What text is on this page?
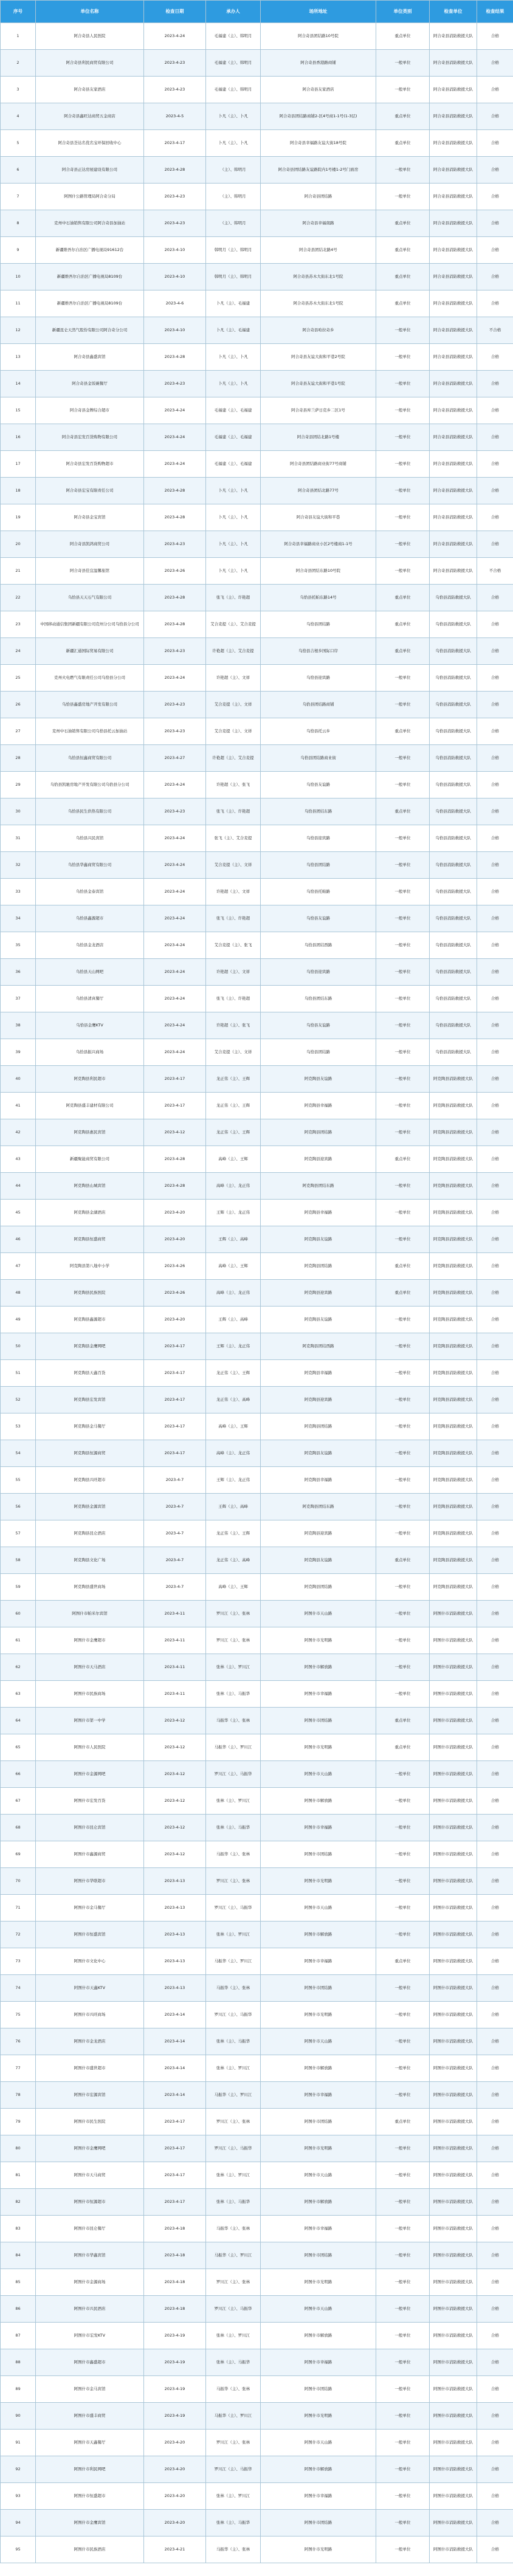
序号	单位名称	检查日期	承办人	场所地址	单位类别	检查单位	检查结果
1	阿合奇县人民医院	2023-4-24	毛福建（主）、韩明月	阿合奇县团结路10号院	重点单位	阿合奇县消防救援大队	合格
2	阿合奇县利民商贸有限公司	2023-4-23	毛福建（主）、韩明月	阿合奇县香港路商铺	一般单位	阿合奇县消防救援大队	合格
3	阿合奇县友家酒店	2023-4-23	毛福建（主）、韩明月	阿合奇县友家酒店	一般单位	阿合奇县消防救援大队	合格
4	阿合奇县鑫旺达商贸五金商店	2023-4-5	卜凡（主）、卜凡	阿合奇县团结路商铺2-区4号商1-1号(1-3层)	重点单位	阿合奇县消防救援大队	合格
5	阿合奇县荟达名优名宝环保回收中心	2023-4-17	卜凡（主）、卜凡	阿合奇县幸福路友谊大街18号院	重点单位	阿合奇县消防救援大队	合格
6	阿合奇县正达房屋建设有限公司	2023-4-28	（主）、韩明月	阿合奇县团结路友谊路院内1号楼1-2号门面房	一般单位	阿合奇县消防救援大队	合格
7	阿图什公路管理局阿合奇分局	2023-4-23	（主）、韩明月	阿合奇县团结路	一般单位	阿合奇县消防救援大队	合格
8	克州中石油销售有限公司阿合奇县加油站	2023-4-23	（主）、韩明月	阿合奇县幸福南路	重点单位	阿合奇县消防救援大队	合格
9	新疆维吾尔自治区广播电视局91612台	2023-4-10	韩明月（主）、韩明月	阿合奇县团结北路4号	重点单位	阿合奇县消防救援大队	合格
10	新疆维吾尔自治区广播电视局8109台	2023-4-10	韩明月（主）、韩明月	阿合奇县苏木大街东北1号院	重点单位	阿合奇县消防救援大队	合格
11	新疆维吾尔自治区广播电视局8109台	2023-4-6	卜凡（主）、毛福建	阿合奇县苏木大街东北1号院	重点单位	阿合奇县消防救援大队	合格
12	新疆昆仑天然气股份有限公司阿合奇分公司	2023-4-10	卜凡（主）、毛福建	阿合奇县哈拉奇乡	一般单位	阿合奇县消防救援大队	不合格
13	阿合奇县鑫盛宾馆	2023-4-28	卜凡（主）、卜凡	阿合奇县友谊大街和平巷2号院	一般单位	阿合奇县消防救援大队	合格
14	阿合奇县金饭碗餐厅	2023-4-23	卜凡（主）、卜凡	阿合奇县友谊大街和平巷1号院	一般单位	阿合奇县消防救援大队	合格
15	阿合奇县金牌综合超市	2023-4-24	毛福建（主）、毛福建	阿合奇县库兰萨日克乡二区1号	一般单位	阿合奇县消防救援大队	合格
16	阿合奇县宏发百货购物有限公司	2023-4-24	毛福建（主）、毛福建	阿合奇县团结北路1号楼	一般单位	阿合奇县消防救援大队	合格
17	阿合奇县宏发百货购物超市	2023-4-24	毛福建（主）、毛福建	阿合奇县团结路商业街77号商铺	一般单位	阿合奇县消防救援大队	合格
18	阿合奇县宏宝有限责任公司	2023-4-28	卜凡（主）、卜凡	阿合奇县团结北路77号	一般单位	阿合奇县消防救援大队	合格
19	阿合奇县金宝宾馆	2023-4-28	卜凡（主）、卜凡	阿合奇县友谊大街和平巷	一般单位	阿合奇县消防救援大队	合格
20	阿合奇县凯鸿商贸公司	2023-4-23	卜凡（主）、卜凡	阿合奇县幸福路商业小区2号楼商1-1号	一般单位	阿合奇县消防救援大队	合格
21	阿合奇县佳宜温馨旅馆	2023-4-26	卜凡（主）、卜凡	阿合奇县团结东路10号院	一般单位	阿合奇县消防救援大队	不合格
22	乌恰县天天石气有限公司	2023-4-28	张飞（主）、许艳超	乌恰县托帕东路14号	重点单位	乌恰县消防救援大队	合格
23	中国移动通信集团新疆有限公司克州分公司乌恰县分公司	2023-4-28	艾合麦提（主）、艾合麦提	乌恰县团结路	重点单位	乌恰县消防救援大队	合格
24	新疆汇通国际贸易有限公司	2023-4-23	许艳超（主）、艾合麦提	乌恰县吉根乡国际口岸	重点单位	乌恰县消防救援大队	合格
25	克州火电燃气有限责任公司乌恰县分公司	2023-4-24	许艳超（主）、文祥	乌恰县迎宾路	一般单位	乌恰县消防救援大队	合格
26	乌恰县鑫盛房地产开发有限公司	2023-4-23	艾合麦提（主）、文祥	乌恰县团结路商铺	一般单位	乌恰县消防救援大队	合格
27	克州中石油销售有限公司乌恰县托云加油站	2023-4-23	艾合麦提（主）、文祥	乌恰县托云乡	重点单位	乌恰县消防救援大队	合格
28	乌恰县恒鑫商贸有限公司	2023-4-27	许艳超（主）、艾合麦提	乌恰县团结路商业街	一般单位	乌恰县消防救援大队	合格
29	乌恰县凯驰房地产开发有限公司乌恰县分公司	2023-4-24	许艳超（主）、张飞	乌恰县友谊路	一般单位	乌恰县消防救援大队	合格
30	乌恰县民生供热有限公司	2023-4-23	张飞（主）、许艳超	乌恰县团结东路	重点单位	乌恰县消防救援大队	合格
31	乌恰县兴民宾馆	2023-4-24	张飞（主）、艾合麦提	乌恰县迎宾路	一般单位	乌恰县消防救援大队	合格
32	乌恰县华鑫商贸有限公司	2023-4-24	艾合麦提（主）、文祥	乌恰县团结路	一般单位	乌恰县消防救援大队	合格
33	乌恰县金泰宾馆	2023-4-24	许艳超（主）、文祥	乌恰县托帕路	一般单位	乌恰县消防救援大队	合格
34	乌恰县鑫源超市	2023-4-24	张飞（主）、许艳超	乌恰县友谊路	一般单位	乌恰县消防救援大队	合格
35	乌恰县金龙酒店	2023-4-24	艾合麦提（主）、张飞	乌恰县团结西路	一般单位	乌恰县消防救援大队	合格
36	乌恰县天山网吧	2023-4-24	许艳超（主）、文祥	乌恰县迎宾路	一般单位	乌恰县消防救援大队	合格
37	乌恰县清真餐厅	2023-4-24	张飞（主）、许艳超	乌恰县团结东路	一般单位	乌恰县消防救援大队	合格
38	乌恰县金鹰KTV	2023-4-24	许艳超（主）、张飞	乌恰县友谊路	一般单位	乌恰县消防救援大队	合格
39	乌恰县振兴商场	2023-4-24	艾合麦提（主）、文祥	乌恰县团结路	一般单位	乌恰县消防救援大队	合格
40	阿克陶县利民超市	2023-4-17	龙正伟（主）、王辉	阿克陶县友谊路	一般单位	阿克陶县消防救援大队	合格
41	阿克陶县盛丰建材有限公司	2023-4-17	龙正伟（主）、王辉	阿克陶县幸福路	一般单位	阿克陶县消防救援大队	合格
42	阿克陶县惠民宾馆	2023-4-12	龙正伟（主）、王辉	阿克陶县团结路	一般单位	阿克陶县消防救援大队	合格
43	新疆聚能商贸有限公司	2023-4-28	高峰（主）、王辉	阿克陶县迎宾路	重点单位	阿克陶县消防救援大队	合格
44	阿克陶县山城宾馆	2023-4-28	高峰（主）、龙正伟	阿克陶县团结东路	一般单位	阿克陶县消防救援大队	合格
45	阿克陶县金湖酒店	2023-4-20	王辉（主）、龙正伟	阿克陶县幸福路	一般单位	阿克陶县消防救援大队	合格
46	阿克陶县恒盛商贸	2023-4-20	王辉（主）、高峰	阿克陶县友谊路	一般单位	阿克陶县消防救援大队	合格
47	阿克陶县第八地中小学	2023-4-26	高峰（主）、王辉	阿克陶县团结路	重点单位	阿克陶县消防救援大队	合格
48	阿克陶县民族医院	2023-4-26	高峰（主）、龙正伟	阿克陶县迎宾路	重点单位	阿克陶县消防救援大队	合格
49	阿克陶县鑫源超市	2023-4-20	王辉（主）、高峰	阿克陶县友谊路	一般单位	阿克陶县消防救援大队	合格
50	阿克陶县金鹰网吧	2023-4-17	王辉（主）、龙正伟	阿克陶县团结西路	一般单位	阿克陶县消防救援大队	合格
51	阿克陶县天鑫百货	2023-4-17	龙正伟（主）、王辉	阿克陶县幸福路	一般单位	阿克陶县消防救援大队	合格
52	阿克陶县宏发宾馆	2023-4-17	龙正伟（主）、高峰	阿克陶县迎宾路	一般单位	阿克陶县消防救援大队	合格
53	阿克陶县金马餐厅	2023-4-17	高峰（主）、王辉	阿克陶县团结路	一般单位	阿克陶县消防救援大队	合格
54	阿克陶县恒源商贸	2023-4-17	高峰（主）、龙正伟	阿克陶县友谊路	一般单位	阿克陶县消防救援大队	合格
55	阿克陶县兴旺超市	2023-4-7	王辉（主）、龙正伟	阿克陶县幸福路	一般单位	阿克陶县消防救援大队	合格
56	阿克陶县金源宾馆	2023-4-7	王辉（主）、高峰	阿克陶县团结东路	一般单位	阿克陶县消防救援大队	合格
57	阿克陶县昆仑酒店	2023-4-7	龙正伟（主）、王辉	阿克陶县迎宾路	一般单位	阿克陶县消防救援大队	合格
58	阿克陶县文化广场	2023-4-7	龙正伟（主）、高峰	阿克陶县友谊路	重点单位	阿克陶县消防救援大队	合格
59	阿克陶县盛世商场	2023-4-7	高峰（主）、王辉	阿克陶县团结路	一般单位	阿克陶县消防救援大队	合格
60	阿图什市帕米尔宾馆	2023-4-11	罗川江（主）、张林	阿图什市天山路	一般单位	阿图什市消防救援大队	合格
61	阿图什市金鹰超市	2023-4-11	罗川江（主）、张林	阿图什市光明路	一般单位	阿图什市消防救援大队	合格
62	阿图什市天马酒店	2023-4-11	张林（主）、罗川江	阿图什市解放路	一般单位	阿图什市消防救援大队	合格
63	阿图什市民族商场	2023-4-11	张林（主）、马振华	阿图什市幸福路	一般单位	阿图什市消防救援大队	合格
64	阿图什市第一中学	2023-4-12	马振华（主）、张林	阿图什市团结路	重点单位	阿图什市消防救援大队	合格
65	阿图什市人民医院	2023-4-12	马振华（主）、罗川江	阿图什市光明路	重点单位	阿图什市消防救援大队	合格
66	阿图什市金源网吧	2023-4-12	罗川江（主）、马振华	阿图什市天山路	一般单位	阿图什市消防救援大队	合格
67	阿图什市宏发百货	2023-4-12	张林（主）、罗川江	阿图什市解放路	一般单位	阿图什市消防救援大队	合格
68	阿图什市昆仑宾馆	2023-4-12	张林（主）、马振华	阿图什市幸福路	一般单位	阿图什市消防救援大队	合格
69	阿图什市鑫源商贸	2023-4-12	马振华（主）、张林	阿图什市团结路	一般单位	阿图什市消防救援大队	合格
70	阿图什市华联超市	2023-4-13	罗川江（主）、张林	阿图什市光明路	一般单位	阿图什市消防救援大队	合格
71	阿图什市金马餐厅	2023-4-13	罗川江（主）、马振华	阿图什市天山路	一般单位	阿图什市消防救援大队	合格
72	阿图什市恒盛宾馆	2023-4-13	张林（主）、罗川江	阿图什市解放路	一般单位	阿图什市消防救援大队	合格
73	阿图什市文化中心	2023-4-13	马振华（主）、罗川江	阿图什市幸福路	重点单位	阿图什市消防救援大队	合格
74	阿图什市天鑫KTV	2023-4-13	马振华（主）、张林	阿图什市团结路	一般单位	阿图什市消防救援大队	合格
75	阿图什市兴旺商场	2023-4-14	罗川江（主）、马振华	阿图什市光明路	一般单位	阿图什市消防救援大队	合格
76	阿图什市金龙酒店	2023-4-14	张林（主）、马振华	阿图什市天山路	一般单位	阿图什市消防救援大队	合格
77	阿图什市盛世超市	2023-4-14	张林（主）、罗川江	阿图什市解放路	一般单位	阿图什市消防救援大队	合格
78	阿图什市宏源宾馆	2023-4-14	马振华（主）、罗川江	阿图什市幸福路	一般单位	阿图什市消防救援大队	合格
79	阿图什市民生医院	2023-4-17	罗川江（主）、张林	阿图什市团结路	重点单位	阿图什市消防救援大队	合格
80	阿图什市金鹰网吧	2023-4-17	罗川江（主）、马振华	阿图什市光明路	一般单位	阿图什市消防救援大队	合格
81	阿图什市天马商贸	2023-4-17	张林（主）、罗川江	阿图什市天山路	一般单位	阿图什市消防救援大队	合格
82	阿图什市恒源超市	2023-4-17	张林（主）、马振华	阿图什市解放路	一般单位	阿图什市消防救援大队	合格
83	阿图什市昆仑餐厅	2023-4-18	马振华（主）、张林	阿图什市幸福路	一般单位	阿图什市消防救援大队	合格
84	阿图什市华鑫宾馆	2023-4-18	马振华（主）、罗川江	阿图什市团结路	一般单位	阿图什市消防救援大队	合格
85	阿图什市金源商场	2023-4-18	罗川江（主）、张林	阿图什市光明路	一般单位	阿图什市消防救援大队	合格
86	阿图什市兴民酒店	2023-4-18	罗川江（主）、马振华	阿图什市天山路	一般单位	阿图什市消防救援大队	合格
87	阿图什市宏发KTV	2023-4-19	张林（主）、罗川江	阿图什市解放路	一般单位	阿图什市消防救援大队	合格
88	阿图什市鑫盛超市	2023-4-19	张林（主）、马振华	阿图什市幸福路	一般单位	阿图什市消防救援大队	合格
89	阿图什市金马宾馆	2023-4-19	马振华（主）、张林	阿图什市团结路	一般单位	阿图什市消防救援大队	合格
90	阿图什市盛丰商贸	2023-4-19	马振华（主）、罗川江	阿图什市光明路	一般单位	阿图什市消防救援大队	合格
91	阿图什市天鑫餐厅	2023-4-20	罗川江（主）、张林	阿图什市天山路	一般单位	阿图什市消防救援大队	合格
92	阿图什市利民网吧	2023-4-20	罗川江（主）、马振华	阿图什市解放路	一般单位	阿图什市消防救援大队	合格
93	阿图什市恒盛超市	2023-4-20	张林（主）、罗川江	阿图什市幸福路	一般单位	阿图什市消防救援大队	合格
94	阿图什市金鹰宾馆	2023-4-20	张林（主）、马振华	阿图什市团结路	一般单位	阿图什市消防救援大队	合格
95	阿图什市民族酒店	2023-4-21	马振华（主）、张林	阿图什市光明路	一般单位	阿图什市消防救援大队	合格
